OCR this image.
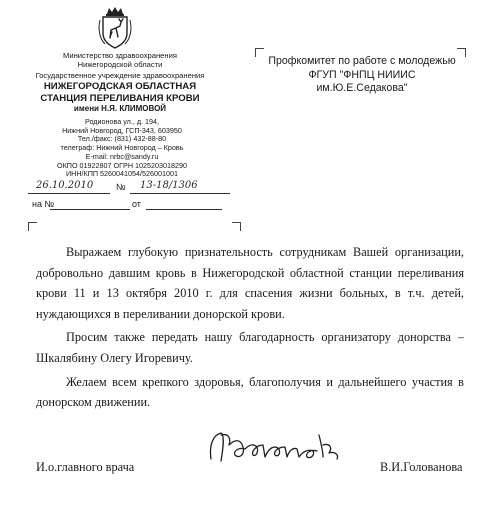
Министерство здравоохранения
Нижегородской области
Государственное учреждение здравоохранения
НИЖЕГОРОДСКАЯ ОБЛАСТНАЯ
СТАНЦИЯ ПЕРЕЛИВАНИЯ КРОВИ
имени Н.Я. КЛИМОВОЙ
Родионова ул., д. 194,
Нижний Новгород, ГСП-343, 603950
Тел./факс: (831) 432-88-80
телеграф: Нижний Новгород – Кровь
E-mail: nrbc@sandy.ru
ОКПО 01922807 ОГРН 1025203018290
ИНН/КПП 5260041054/526001001
26.10.2010	№ 13-18/1306
на №	от
Профкомитет по работе с молодежью
ФГУП "ФНПЦ НИИИС
им.Ю.Е.Седакова"

Выражаем глубокую признательность сотрудникам Вашей организации, добровольно давшим кровь в Нижегородской областной станции переливания крови 11 и 13 октября 2010 г. для спасения жизни больных, в т.ч. детей, нуждающихся в переливании донорской крови.

Просим также передать нашу благодарность организатору донорства – Шкалябину Олегу Игоревичу.

Желаем всем крепкого здоровья, благополучия и дальнейшего участия в донорском движении.

И.о.главного врача	В.И.Голованова
